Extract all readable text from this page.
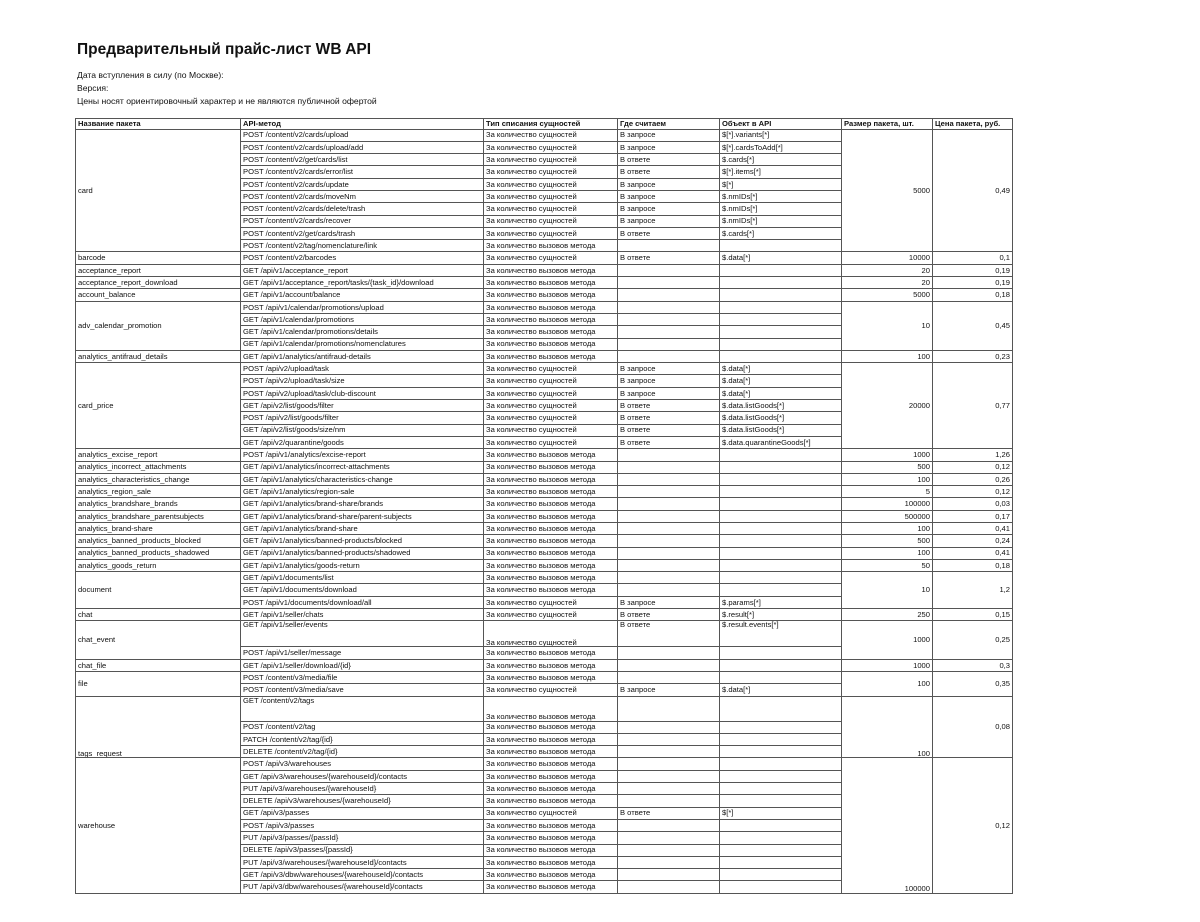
Предварительный прайс-лист WB API
Дата вступления в силу (по Москве):
Версия:
Цены носят ориентировочный характер и не являются публичной офертой
Название пакета	API-метод	Тип списания сущностей	Где считаем	Объект в API	Размер пакета, шт.	Цена пакета, руб.
card	POST /content/v2/cards/upload	За количество сущностей	В запросе	$[*].variants[*]	5000	0,49
	POST /content/v2/cards/upload/add	За количество сущностей	В запросе	$[*].cardsToAdd[*]		
	POST /content/v2/get/cards/list	За количество сущностей	В ответе	$.cards[*]		
	POST /content/v2/cards/error/list	За количество сущностей	В ответе	$[*].items[*]		
	POST /content/v2/cards/update	За количество сущностей	В запросе	$[*]		
	POST /content/v2/cards/moveNm	За количество сущностей	В запросе	$.nmIDs[*]		
	POST /content/v2/cards/delete/trash	За количество сущностей	В запросе	$.nmIDs[*]		
	POST /content/v2/cards/recover	За количество сущностей	В запросе	$.nmIDs[*]		
	POST /content/v2/get/cards/trash	За количество сущностей	В ответе	$.cards[*]		
	POST /content/v2/tag/nomenclature/link	За количество вызовов метода				
barcode	POST /content/v2/barcodes	За количество сущностей	В ответе	$.data[*]	10000	0,1
acceptance_report	GET /api/v1/acceptance_report	За количество вызовов метода			20	0,19
acceptance_report_download	GET /api/v1/acceptance_report/tasks/{task_id}/download	За количество вызовов метода			20	0,19
account_balance	GET /api/v1/account/balance	За количество вызовов метода			5000	0,18
adv_calendar_promotion	POST /api/v1/calendar/promotions/upload	За количество вызовов метода			10	0,45
	GET /api/v1/calendar/promotions	За количество вызовов метода				
	GET /api/v1/calendar/promotions/details	За количество вызовов метода				
	GET /api/v1/calendar/promotions/nomenclatures	За количество вызовов метода				
analytics_antifraud_details	GET /api/v1/analytics/antifraud-details	За количество вызовов метода			100	0,23
card_price	POST /api/v2/upload/task	За количество сущностей	В запросе	$.data[*]	20000	0,77
	POST /api/v2/upload/task/size	За количество сущностей	В запросе	$.data[*]		
	POST /api/v2/upload/task/club-discount	За количество сущностей	В запросе	$.data[*]		
	GET /api/v2/list/goods/filter	За количество сущностей	В ответе	$.data.listGoods[*]		
	POST /api/v2/list/goods/filter	За количество сущностей	В ответе	$.data.listGoods[*]		
	GET /api/v2/list/goods/size/nm	За количество сущностей	В ответе	$.data.listGoods[*]		
	GET /api/v2/quarantine/goods	За количество сущностей	В ответе	$.data.quarantineGoods[*]		
analytics_excise_report	POST /api/v1/analytics/excise-report	За количество вызовов метода			1000	1,26
analytics_incorrect_attachments	GET /api/v1/analytics/incorrect-attachments	За количество вызовов метода			500	0,12
analytics_characteristics_change	GET /api/v1/analytics/characteristics-change	За количество вызовов метода			100	0,26
analytics_region_sale	GET /api/v1/analytics/region-sale	За количество вызовов метода			5	0,12
analytics_brandshare_brands	GET /api/v1/analytics/brand-share/brands	За количество вызовов метода			100000	0,03
analytics_brandshare_parentsubjects	GET /api/v1/analytics/brand-share/parent-subjects	За количество вызовов метода			500000	0,17
analytics_brand-share	GET /api/v1/analytics/brand-share	За количество вызовов метода			100	0,41
analytics_banned_products_blocked	GET /api/v1/analytics/banned-products/blocked	За количество вызовов метода			500	0,24
analytics_banned_products_shadowed	GET /api/v1/analytics/banned-products/shadowed	За количество вызовов метода			100	0,41
analytics_goods_return	GET /api/v1/analytics/goods-return	За количество вызовов метода			50	0,18
document	GET /api/v1/documents/list	За количество вызовов метода			10	1,2
	GET /api/v1/documents/download	За количество вызовов метода				
	POST /api/v1/documents/download/all	За количество сущностей	В запросе	$.params[*]		
chat	GET /api/v1/seller/chats	За количество сущностей	В ответе	$.result[*]	250	0,15
chat_event	GET /api/v1/seller/events	За количество сущностей	В ответе	$.result.events[*]	1000	0,25
	POST /api/v1/seller/message	За количество вызовов метода				
chat_file	GET /api/v1/seller/download/{id}	За количество вызовов метода			1000	0,3
file	POST /content/v3/media/file	За количество вызовов метода			100	0,35
	POST /content/v3/media/save	За количество сущностей	В запросе	$.data[*]		
tags_request	GET /content/v2/tags	За количество вызовов метода			100	0,08
	POST /content/v2/tag	За количество вызовов метода				
	PATCH /content/v2/tag/{id}	За количество вызовов метода				
	DELETE /content/v2/tag/{id}	За количество вызовов метода				
warehouse	POST /api/v3/warehouses	За количество вызовов метода			100000	0,12
	GET /api/v3/warehouses/{warehouseId}/contacts	За количество вызовов метода				
	PUT /api/v3/warehouses/{warehouseId}	За количество вызовов метода				
	DELETE /api/v3/warehouses/{warehouseId}	За количество вызовов метода				
	GET /api/v3/passes	За количество сущностей	В ответе	$[*]		
	POST /api/v3/passes	За количество вызовов метода				
	PUT /api/v3/passes/{passId}	За количество вызовов метода				
	DELETE /api/v3/passes/{passId}	За количество вызовов метода				
	PUT /api/v3/warehouses/{warehouseId}/contacts	За количество вызовов метода				
	GET /api/v3/dbw/warehouses/{warehouseId}/contacts	За количество вызовов метода				
	PUT /api/v3/dbw/warehouses/{warehouseId}/contacts	За количество вызовов метода				
